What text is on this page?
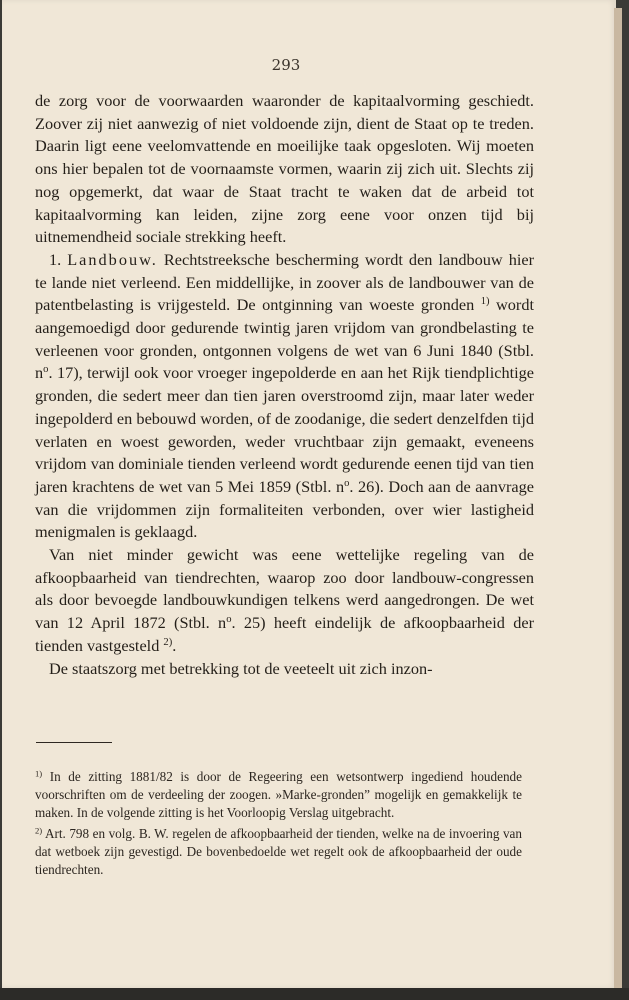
293

de zorg voor de voorwaarden waaronder de kapitaalvorming geschiedt. Zoover zij niet aanwezig of niet voldoende zijn, dient de Staat op te treden. Daarin ligt eene veelomvattende en moeilijke taak opgesloten. Wij moeten ons hier bepalen tot de voornaamste vormen, waarin zij zich uit. Slechts zij nog opgemerkt, dat waar de Staat tracht te waken dat de arbeid tot kapitaalvorming kan leiden, zijne zorg eene voor onzen tijd bij uitnemendheid sociale strekking heeft.

1. Landbouw. Rechtstreeksche bescherming wordt den landbouw hier te lande niet verleend. Een middellijke, in zoover als de landbouwer van de patentbelasting is vrijgesteld. De ontginning van woeste gronden $^{1)}$ wordt aangemoedigd door gedurende twintig jaren vrijdom van grondbelasting te verleenen voor gronden, ontgonnen volgens de wet van 6 Juni 1840 (Stbl. $n^o$. 17), terwijl ook voor vroeger ingepolderde en aan het Rijk tiendplichtige gronden, die sedert meer dan tien jaren overstroomd zijn, maar later weder ingepolderd en bebouwd worden, of de zoodanige, die sedert denzelfden tijd verlaten en woest geworden, weder vruchtbaar zijn gemaakt, eveneens vrijdom van dominiale tienden verleend wordt gedurende eenen tijd van tien jaren krachtens de wet van 5 Mei 1859 (Stbl. $n^o$. 26). Doch aan de aanvrage van die vrijdommen zijn formaliteiten verbonden, over wier lastigheid menigmalen is geklaagd.

Van niet minder gewicht was eene wettelijke regeling van de afkoopbaarheid van tiendrechten, waarop zoo door landbouw-congressen als door bevoegde landbouwkundigen telkens werd aangedrongen. De wet van 12 April 1872 (Stbl. $n^o$. 25) heeft eindelijk de afkoopbaarheid der tienden vastgesteld $^{2)}$.

De staatszorg met betrekking tot de veeteelt uit zich inzon-

$^{1)}$ In de zitting 1881/82 is door de Regeering een wetsontwerp ingediend houdende voorschriften om de verdeeling der zoogen. »Marke-gronden” mogelijk en gemakkelijk te maken. In de volgende zitting is het Voorloopig Verslag uitgebracht.

$^{2)}$ Art. 798 en volg. B. W. regelen de afkoopbaarheid der tienden, welke na de invoering van dat wetboek zijn gevestigd. De bovenbedoelde wet regelt ook de afkoopbaarheid der oude tiendrechten.
